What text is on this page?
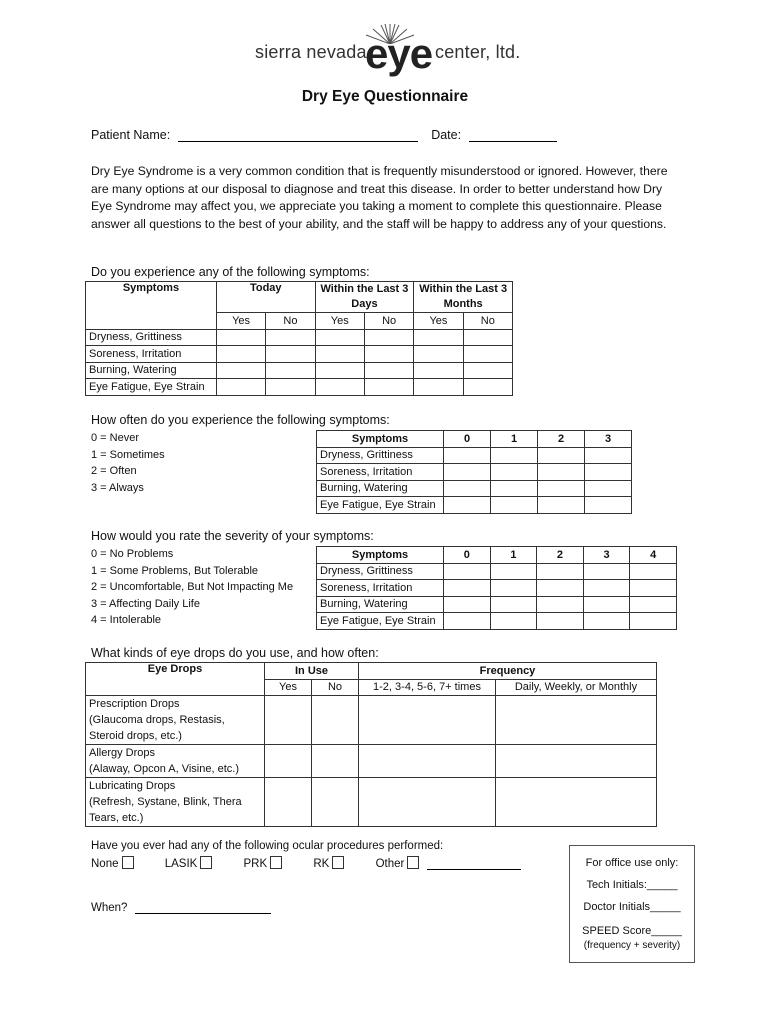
sierra nevada
eye center, ltd.
Dry Eye Questionnaire
Patient Name:	Date:
Dry Eye Syndrome is a very common condition that is frequently misunderstood or ignored. However, there are many options at our disposal to diagnose and treat this disease. In order to better understand how Dry Eye Syndrome may affect you, we appreciate you taking a moment to complete this questionnaire. Please answer all questions to the best of your ability, and the staff will be happy to address any of your questions.
Do you experience any of the following symptoms:
Symptoms	Today		Within the Last 3 Days		Within the Last 3 Months	
	Yes	No	Yes	No	Yes	No
Dryness, Grittiness						
Soreness, Irritation						
Burning, Watering						
Eye Fatigue, Eye Strain						
How often do you experience the following symptoms:
0 = Never
1 = Sometimes
2 = Often
3 = Always
Symptoms	0	1	2	3
Dryness, Grittiness				
Soreness, Irritation				
Burning, Watering				
Eye Fatigue, Eye Strain				
How would you rate the severity of your symptoms:
0 = No Problems
1 = Some Problems, But Tolerable
2 = Uncomfortable, But Not Impacting Me
3 = Affecting Daily Life
4 = Intolerable
Symptoms	0	1	2	3	4
Dryness, Grittiness					
Soreness, Irritation					
Burning, Watering					
Eye Fatigue, Eye Strain					
What kinds of eye drops do you use, and how often:
Eye Drops	In Use		Frequency	
	Yes	No	1-2, 3-4, 5-6, 7+ times	Daily, Weekly, or Monthly

Prescription Drops
(Glaucoma drops, Restasis,
Steroid drops, etc.)				

Allergy Drops
(Alaway, Opcon A, Visine, etc.)				

Lubricating Drops
(Refresh, Systane, Blink, Thera
Tears, etc.)				

Have you ever had any of the following ocular procedures performed:
None	LASIK	PRK	RK	Other
When?
For office use only:
Tech Initials:_____
Doctor Initials_____
SPEED Score_____
(frequency + severity)
